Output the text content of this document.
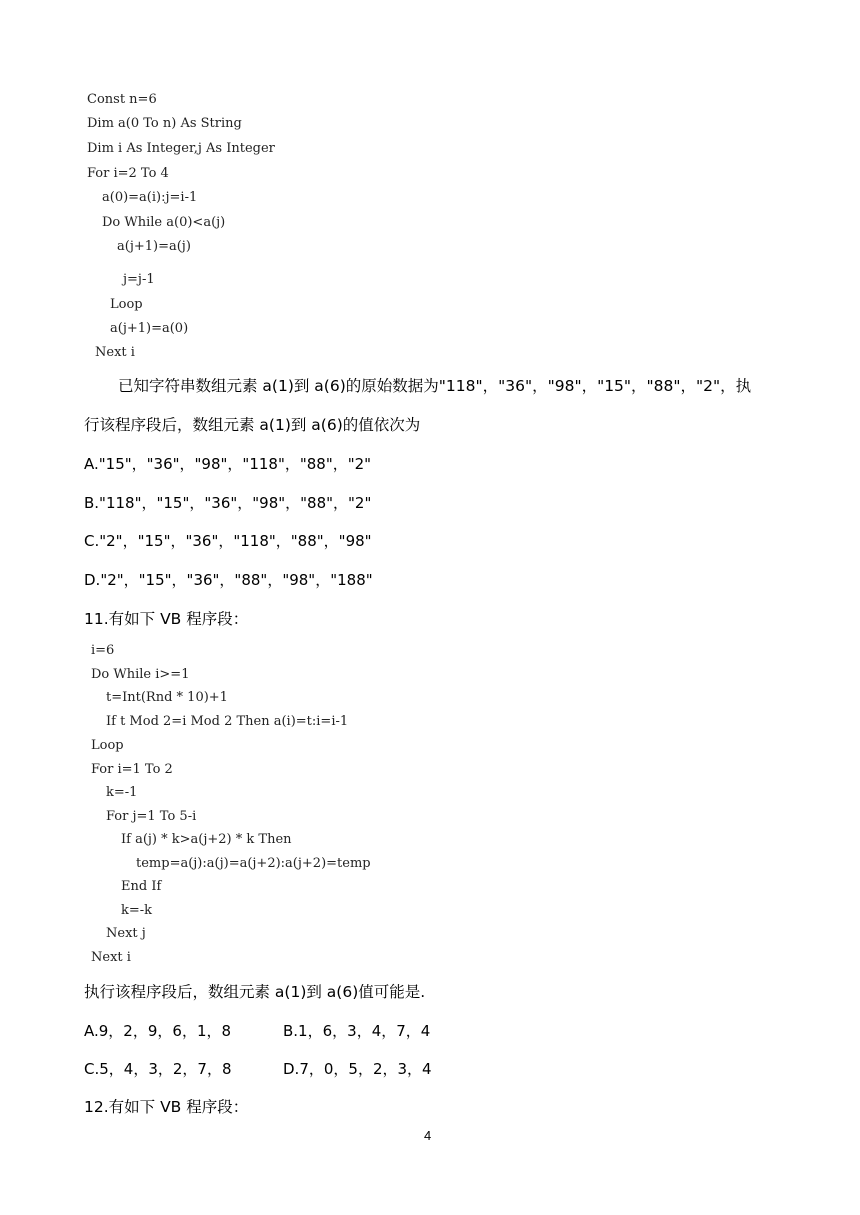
Const n=6
Dim a(0 To n) As String
Dim i As Integer,j As Integer
For i=2 To 4
a(0)=a(i):j=i-1
Do While a(0)<a(j)
a(j+1)=a(j)
j=j-1
Loop
a(j+1)=a(0)
Next i
已知字符串数组元素 a(1)到 a(6)的原始数据为"118"，"36"，"98"，"15"，"88"，"2"，执
行该程序段后，数组元素 a(1)到 a(6)的值依次为
A."15"，"36"，"98"，"118"，"88"，"2"
B."118"，"15"，"36"，"98"，"88"，"2"
C."2"，"15"，"36"，"118"，"88"，"98"
D."2"，"15"，"36"，"88"，"98"，"188"
11.有如下 VB 程序段：
i=6
Do While i>=1
t=Int(Rnd * 10)+1
If t Mod 2=i Mod 2 Then a(i)=t:i=i-1
Loop
For i=1 To 2
k=-1
For j=1 To 5-i
If a(j) * k>a(j+2) * k Then
temp=a(j):a(j)=a(j+2):a(j+2)=temp
End If
k=-k
Next j
Next i
执行该程序段后，数组元素 a(1)到 a(6)值可能是.
A.9，2，9，6，1，8	B.1，6，3，4，7，4
C.5，4，3，2，7，8	D.7，0，5，2，3，4
12.有如下 VB 程序段：
4
